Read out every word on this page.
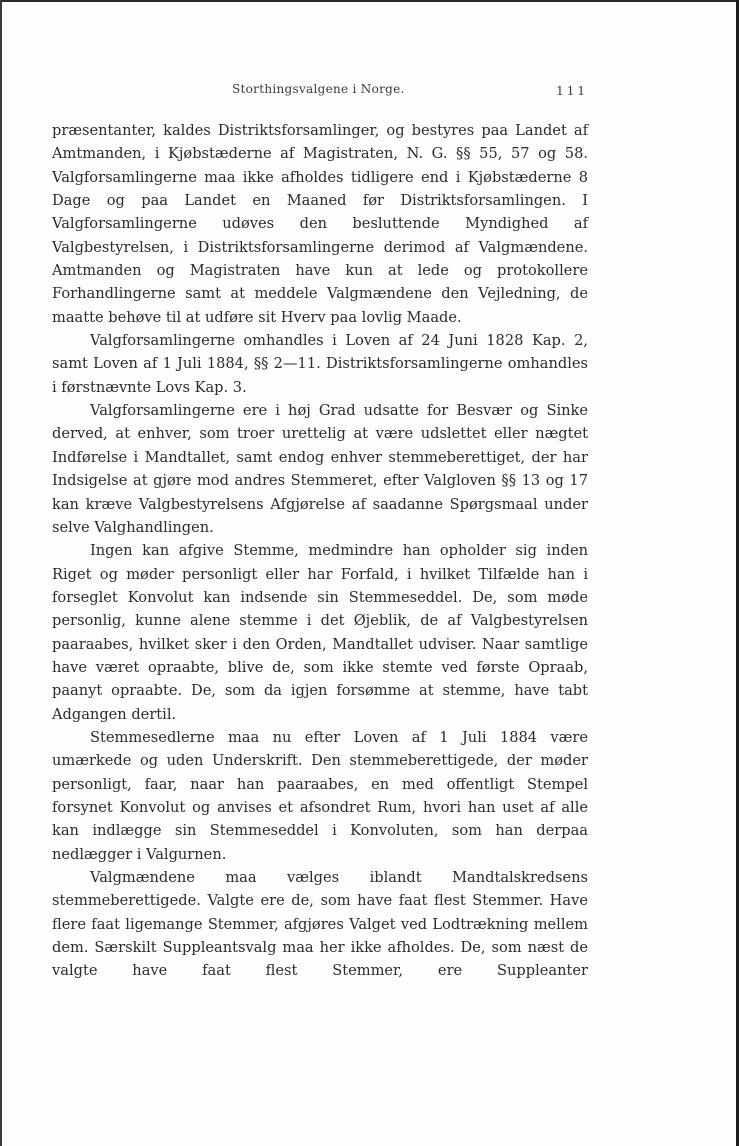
Storthingsvalgene i Norge.	111

præsentanter, kaldes Distriktsforsamlinger, og bestyres paa Landet af Amtmanden, i Kjøbstæderne af Magistraten, N. G. §§ 55, 57 og 58. Valgforsamlingerne maa ikke afholdes tidligere end i Kjøbstæderne 8 Dage og paa Landet en Maaned før Distriktsforsamlingen. I Valgforsamlingerne udøves den besluttende Myndighed af Valgbestyrelsen, i Distriktsforsamlingerne derimod af Valgmændene. Amtmanden og Magistraten have kun at lede og protokollere Forhandlingerne samt at meddele Valgmændene den Vejledning, de maatte behøve til at udføre sit Hverv paa lovlig Maade.

Valgforsamlingerne omhandles i Loven af 24 Juni 1828 Kap. 2, samt Loven af 1 Juli 1884, §§ 2—11. Distriktsforsamlingerne omhandles i førstnævnte Lovs Kap. 3.

Valgforsamlingerne ere i høj Grad udsatte for Besvær og Sinke derved, at enhver, som troer urettelig at være udslettet eller nægtet Indførelse i Mandtallet, samt endog enhver stemmeberettiget, der har Indsigelse at gjøre mod andres Stemmeret, efter Valgloven §§ 13 og 17 kan kræve Valgbestyrelsens Afgjørelse af saadanne Spørgsmaal under selve Valghandlingen.

Ingen kan afgive Stemme, medmindre han opholder sig inden Riget og møder personligt eller har Forfald, i hvilket Tilfælde han i forseglet Konvolut kan indsende sin Stemmeseddel. De, som møde personlig, kunne alene stemme i det Øjeblik, de af Valgbestyrelsen paaraabes, hvilket sker i den Orden, Mandtallet udviser. Naar samtlige have været opraabte, blive de, som ikke stemte ved første Opraab, paanyt opraabte. De, som da igjen forsømme at stemme, have tabt Adgangen dertil.

Stemmesedlerne maa nu efter Loven af 1 Juli 1884 være umærkede og uden Underskrift. Den stemmeberettigede, der møder personligt, faar, naar han paaraabes, en med offentligt Stempel forsynet Konvolut og anvises et afsondret Rum, hvori han uset af alle kan indlægge sin Stemmeseddel i Konvoluten, som han derpaa nedlægger i Valgurnen.

Valgmændene maa vælges iblandt Mandtalskredsens stemmeberettigede. Valgte ere de, som have faat flest Stemmer. Have flere faat ligemange Stemmer, afgjøres Valget ved Lodtrækning mellem dem. Særskilt Suppleantsvalg maa her ikke afholdes. De, som næst de valgte have faat flest Stemmer, ere Suppleanter
